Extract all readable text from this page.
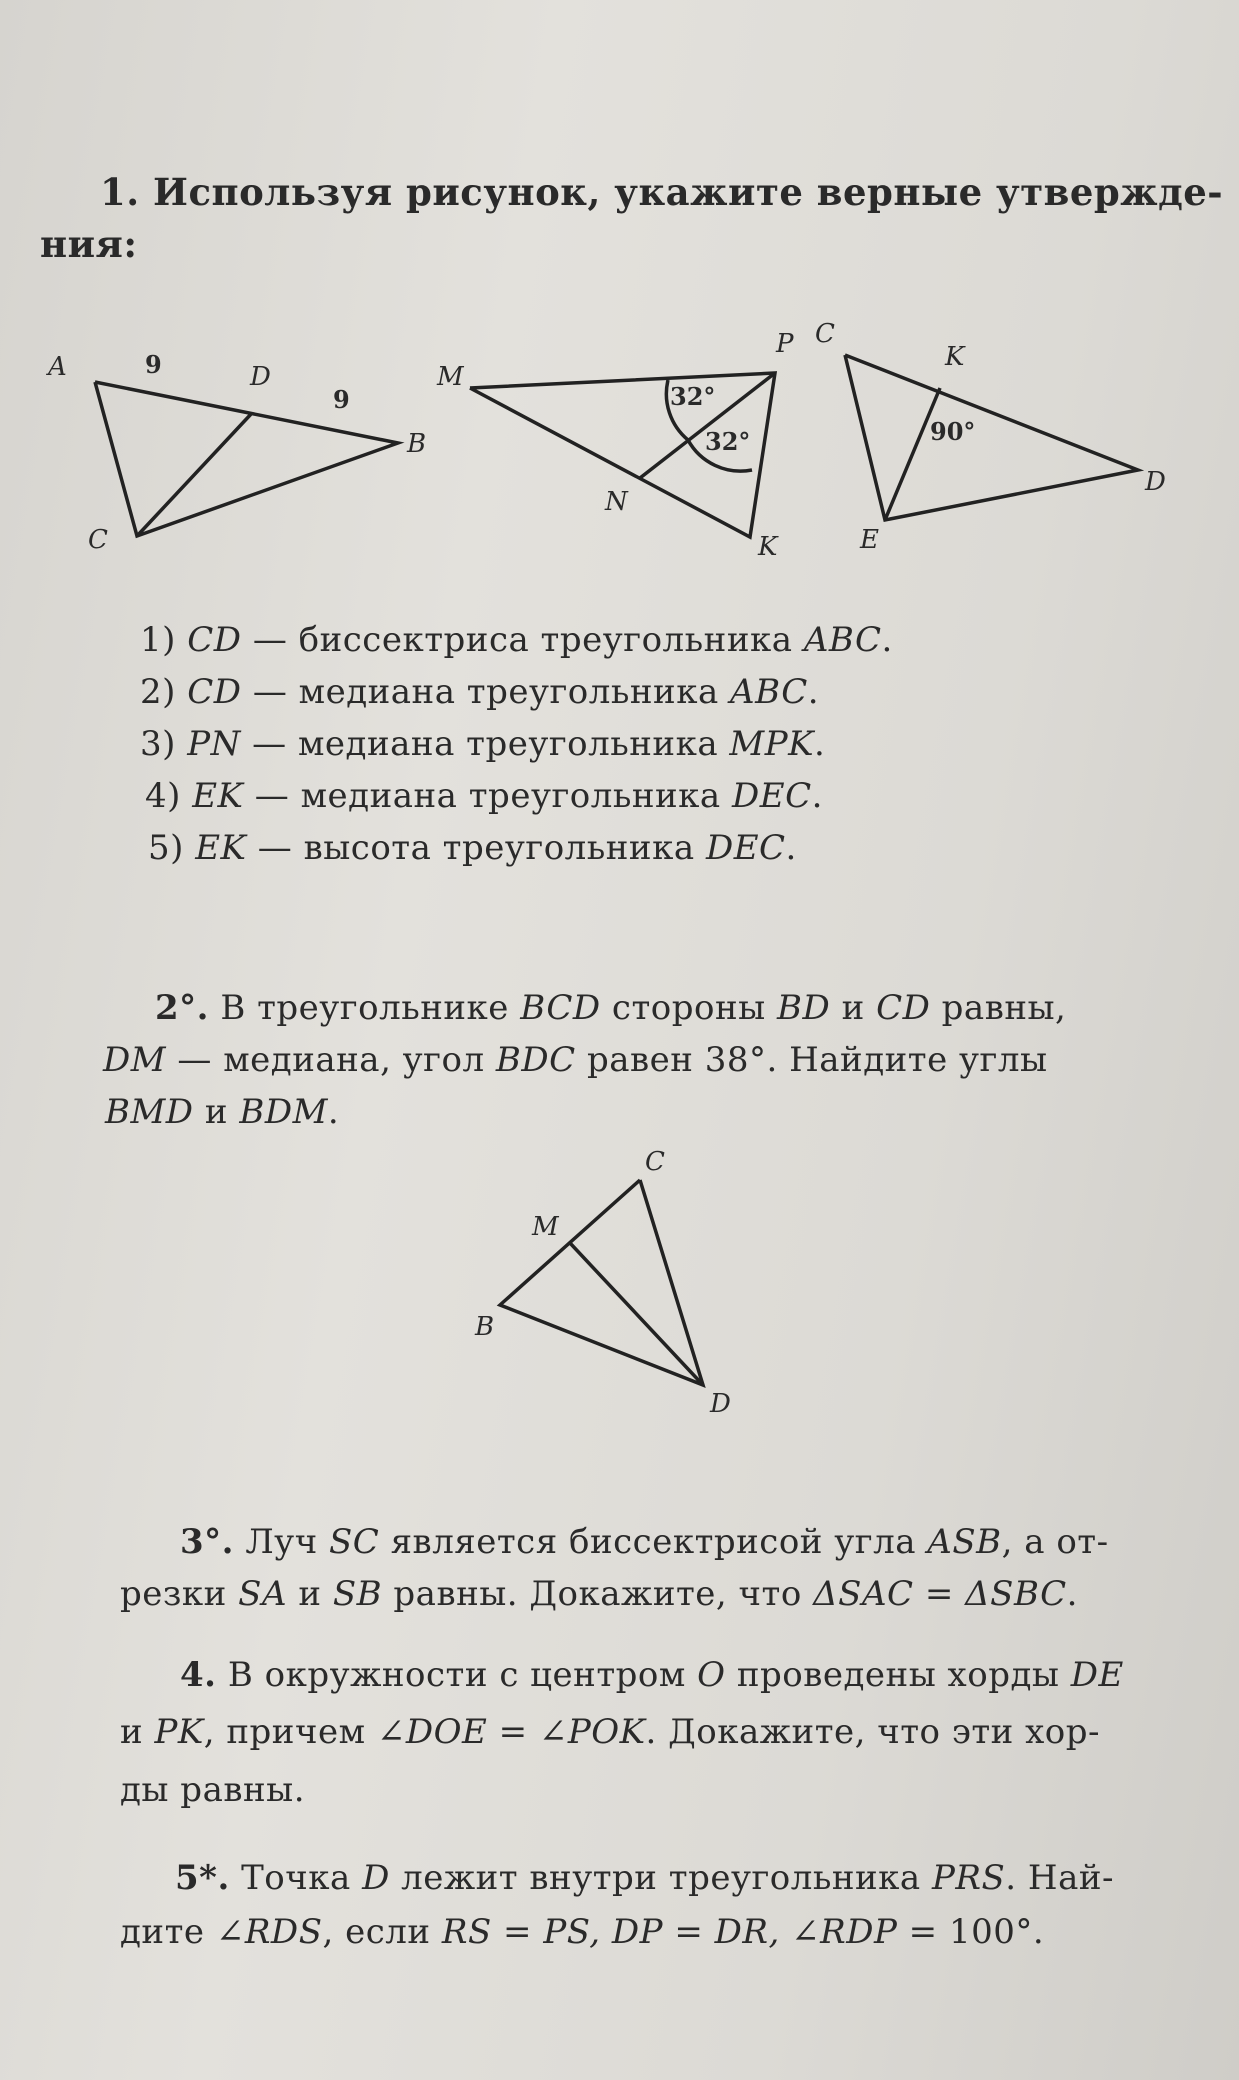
1. Используя рисунок, укажите верные утвержде-
ния:
A	9	D
9
B
C
M
P
32°
32°
N
K
C
K
90°
D
E
1) CD — биссектриса треугольника ABC.
2) CD — медиана треугольника ABC.
3) PN — медиана треугольника MPK.
4) EK — медиана треугольника DEC.
5) EK — высота треугольника DEC.
2°. В треугольнике BCD стороны BD и CD равны,
DM — медиана, угол BDC равен 38°. Найдите углы
BMD и BDM.
C
M
B
D
3°. Луч SC является биссектрисой угла ASB, а от-
резки SA и SB равны. Докажите, что ΔSAC = ΔSBC.
4. В окружности с центром O проведены хорды DE
и PK, причем ∠DOE = ∠POK. Докажите, что эти хор-
ды равны.
5*. Точка D лежит внутри треугольника PRS. Най-
дите ∠RDS, если RS = PS, DP = DR, ∠RDP = 100°.
